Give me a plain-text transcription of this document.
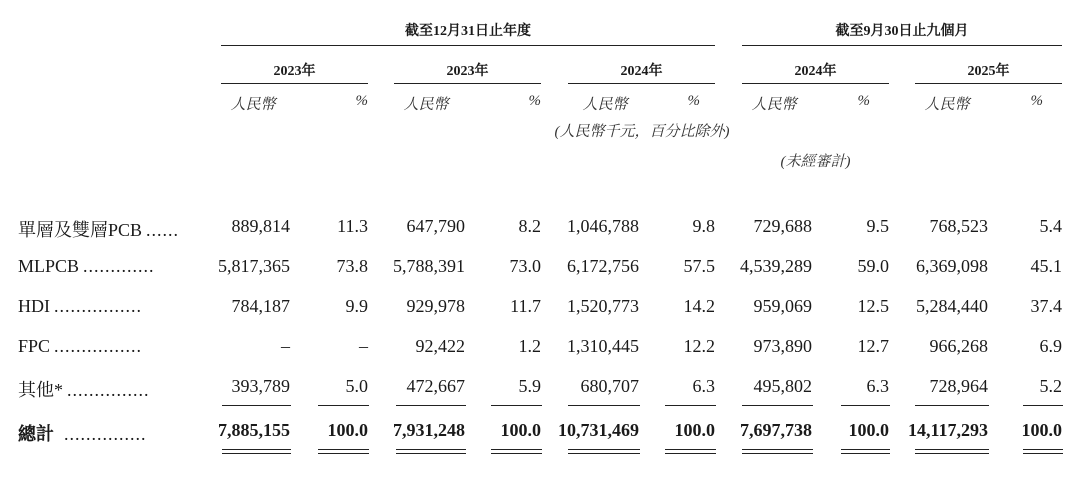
截至12月31日止年度	截至9月30日止九個月
2023年	2023年	2024年	2024年	2025年
人民幣	%	人民幣	%	人民幣	%	人民幣	%	人民幣	%
(人民幣千元，百分比除外)
(未經審計)
單層及雙層PCB ......	889,814	11.3	647,790	8.2	1,046,788	9.8	729,688	9.5	768,523	5.4
MLPCB .............	5,817,365	73.8	5,788,391	73.0	6,172,756	57.5	4,539,289	59.0	6,369,098	45.1
HDI ................	784,187	9.9	929,978	11.7	1,520,773	14.2	959,069	12.5	5,284,440	37.4
FPC ................	–	–	92,422	1.2	1,310,445	12.2	973,890	12.7	966,268	6.9
其他* ...............	393,789	5.0	472,667	5.9	680,707	6.3	495,802	6.3	728,964	5.2
總計 ...............	7,885,155	100.0	7,931,248	100.0 10,731,469	100.0	7,697,738	100.0	14,117,293	100.0
